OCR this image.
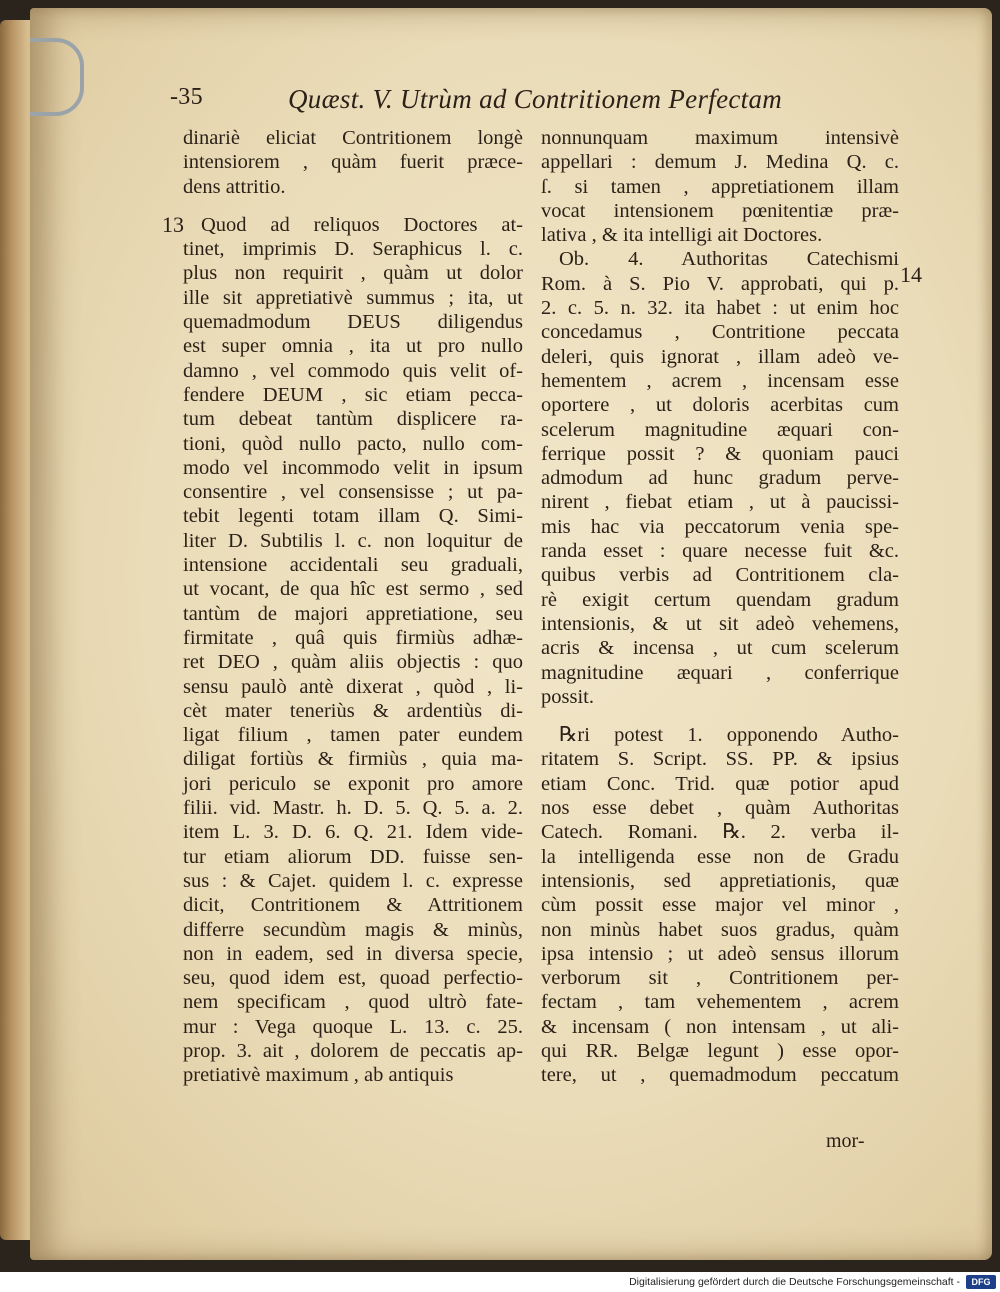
-35	Quæst. V. Utrùm ad Contritionem Perfectam
13
14
dinariè eliciat Contritionem longè
intensiorem , quàm fuerit præce-
dens attritio.
Quod ad reliquos Doctores at-
tinet, imprimis D. Seraphicus l. c.
plus non requirit , quàm ut dolor
ille sit appretiativè summus ; ita, ut
quemadmodum DEUS diligendus
est super omnia , ita ut pro nullo
damno , vel commodo quis velit of-
fendere DEUM , sic etiam pecca-
tum debeat tantùm displicere ra-
tioni, quòd nullo pacto, nullo com-
modo vel incommodo velit in ipsum
consentire , vel consensisse ; ut pa-
tebit legenti totam illam Q. Simi-
liter D. Subtilis l. c. non loquitur de
intensione accidentali seu graduali,
ut vocant, de qua hîc est sermo , sed
tantùm de majori appretiatione, seu
firmitate , quâ quis firmiùs adhæ-
ret DEO , quàm aliis objectis : quo
sensu paulò antè dixerat , quòd , li-
cèt mater teneriùs & ardentiùs di-
ligat filium , tamen pater eundem
diligat fortiùs & firmiùs , quia ma-
jori periculo se exponit pro amore
filii. vid. Mastr. h. D. 5. Q. 5. a. 2.
item L. 3. D. 6. Q. 21. Idem vide-
tur etiam aliorum DD. fuisse sen-
sus : & Cajet. quidem l. c. expresse
dicit, Contritionem & Attritionem
differre secundùm magis & minùs,
non in eadem, sed in diversa specie,
seu, quod idem est, quoad perfectio-
nem specificam , quod ultrò fate-
mur : Vega quoque L. 13. c. 25.
prop. 3. ait , dolorem de peccatis ap-
pretiativè maximum , ab antiquis
nonnunquam maximum intensivè
appellari : demum J. Medina Q. c.
ſ. si tamen , appretiationem illam
vocat intensionem pœnitentiæ præ-
lativa , & ita intelligi ait Doctores.
Ob. 4. Authoritas Catechismi
Rom. à S. Pio V. approbati, qui p.
2. c. 5. n. 32. ita habet : ut enim hoc
concedamus , Contritione peccata
deleri, quis ignorat , illam adeò ve-
hementem , acrem , incensam esse
oportere , ut doloris acerbitas cum
scelerum magnitudine æquari con-
ferrique possit ? & quoniam pauci
admodum ad hunc gradum perve-
nirent , fiebat etiam , ut à paucissi-
mis hac via peccatorum venia spe-
randa esset : quare necesse fuit &c.
quibus verbis ad Contritionem cla-
rè exigit certum quendam gradum
intensionis, & ut sit adeò vehemens,
acris & incensa , ut cum scelerum
magnitudine æquari , conferrique
possit.
℞ri potest 1. opponendo Autho-
ritatem S. Script. SS. PP. & ipsius
etiam Conc. Trid. quæ potior apud
nos esse debet , quàm Authoritas
Catech. Romani. ℞. 2. verba il-
la intelligenda esse non de Gradu
intensionis, sed appretiationis, quæ
cùm possit esse major vel minor ,
non minùs habet suos gradus, quàm
ipsa intensio ; ut adeò sensus illorum
verborum sit , Contritionem per-
fectam , tam vehementem , acrem
& incensam ( non intensam , ut ali-
qui RR. Belgæ legunt ) esse opor-
tere, ut , quemadmodum peccatum
mor-
Digitalisierung gefördert durch die Deutsche Forschungsgemeinschaft -	DFG
